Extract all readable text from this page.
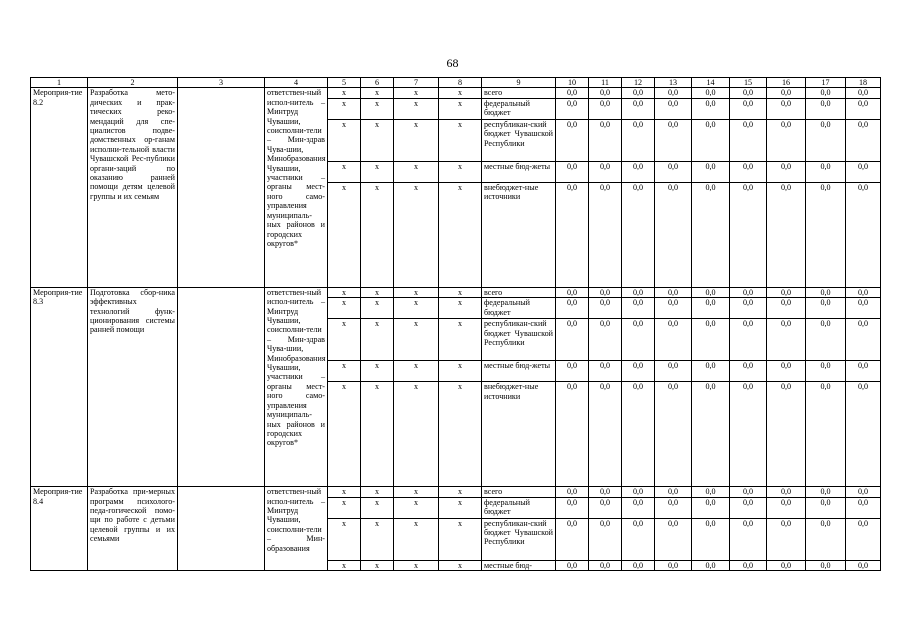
68
1	2	3	4	5	6	7	8	9	10	11	12	13	14	15	16	17	18
Мероприя-тие 8.2	Разработка мето-дических и прак-тических реко-мендаций для спе-циалистов подве-домственных ор-ганам исполни-тельной власти Чувашской Рес-публики органи-заций по оказанию ранней помощи детям целевой группы и их семьям		ответствен-ный испол-нитель – Минтруд Чувашии, соисполни-тели – Мин-здрав Чува-шии, Минобразования Чувашии, участники – органы мест-ного само-управления муниципаль-ных районов и городских округов*	x	x	x	x	всего	0,0	0,0	0,0	0,0	0,0	0,0	0,0	0,0	0,0
				x	x	x	x	федеральный бюджет	0,0	0,0	0,0	0,0	0,0	0,0	0,0	0,0	0,0
				x	x	x	x	республикан-ский бюджет Чувашской Республики	0,0	0,0	0,0	0,0	0,0	0,0	0,0	0,0	0,0
				x	x	x	x	местные бюд-жеты	0,0	0,0	0,0	0,0	0,0	0,0	0,0	0,0	0,0
				x	x	x	x	внебюджет-ные источники	0,0	0,0	0,0	0,0	0,0	0,0	0,0	0,0	0,0
Мероприя-тие 8.3	Подготовка сбор-ника эффективных технологий функ-ционирования системы ранней помощи		ответствен-ный испол-нитель – Минтруд Чувашии, соисполни-тели – Мин-здрав Чува-шии, Минобразования Чувашии, участники – органы мест-ного само-управления муниципаль-ных районов и городских округов*	x	x	x	x	всего	0,0	0,0	0,0	0,0	0,0	0,0	0,0	0,0	0,0
				x	x	x	x	федеральный бюджет	0,0	0,0	0,0	0,0	0,0	0,0	0,0	0,0	0,0
				x	x	x	x	республикан-ский бюджет Чувашской Республики	0,0	0,0	0,0	0,0	0,0	0,0	0,0	0,0	0,0
				x	x	x	x	местные бюд-жеты	0,0	0,0	0,0	0,0	0,0	0,0	0,0	0,0	0,0
				x	x	x	x	внебюджет-ные источники	0,0	0,0	0,0	0,0	0,0	0,0	0,0	0,0	0,0
Мероприя-тие 8.4	Разработка при-мерных программ психолого-педа-гогической помо-щи по работе с детьми целевой группы и их семьями		ответствен-ный испол-нитель – Минтруд Чувашии, соисполни-тели – Мин-образования	x	x	x	x	всего	0,0	0,0	0,0	0,0	0,0	0,0	0,0	0,0	0,0
				x	x	x	x	федеральный бюджет	0,0	0,0	0,0	0,0	0,0	0,0	0,0	0,0	0,0
				x	x	x	x	республикан-ский бюджет Чувашской Республики	0,0	0,0	0,0	0,0	0,0	0,0	0,0	0,0	0,0
				x	x	x	x	местные бюд-	0,0	0,0	0,0	0,0	0,0	0,0	0,0	0,0	0,0
